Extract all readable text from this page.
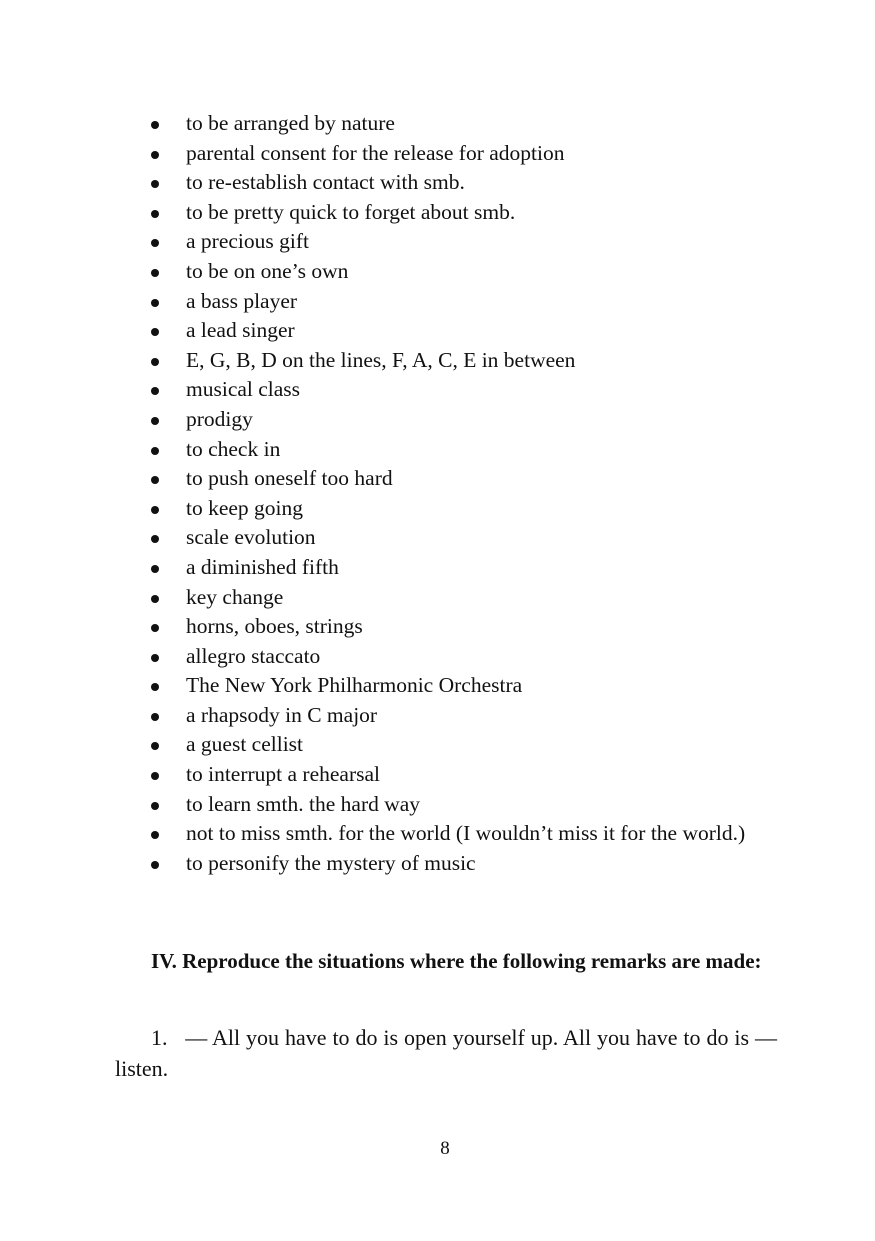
to be arranged by nature
parental consent for the release for adoption
to re-establish contact with smb.
to be pretty quick to forget about smb.
a precious gift
to be on one’s own
a bass player
a lead singer
E, G, B, D on the lines, F, A, C, E in between
musical class
prodigy
to check in
to push oneself too hard
to keep going
scale evolution
a diminished fifth
key change
horns, oboes, strings
allegro staccato
The New York Philharmonic Orchestra
a rhapsody in C major
a guest cellist
to interrupt a rehearsal
to learn smth. the hard way
not to miss smth. for the world (I wouldn’t miss it for the world.)
to personify the mystery of music

IV. Reproduce the situations where the following remarks are made:

1.   — All you have to do is open yourself up. All you have to do is — listen.

8
